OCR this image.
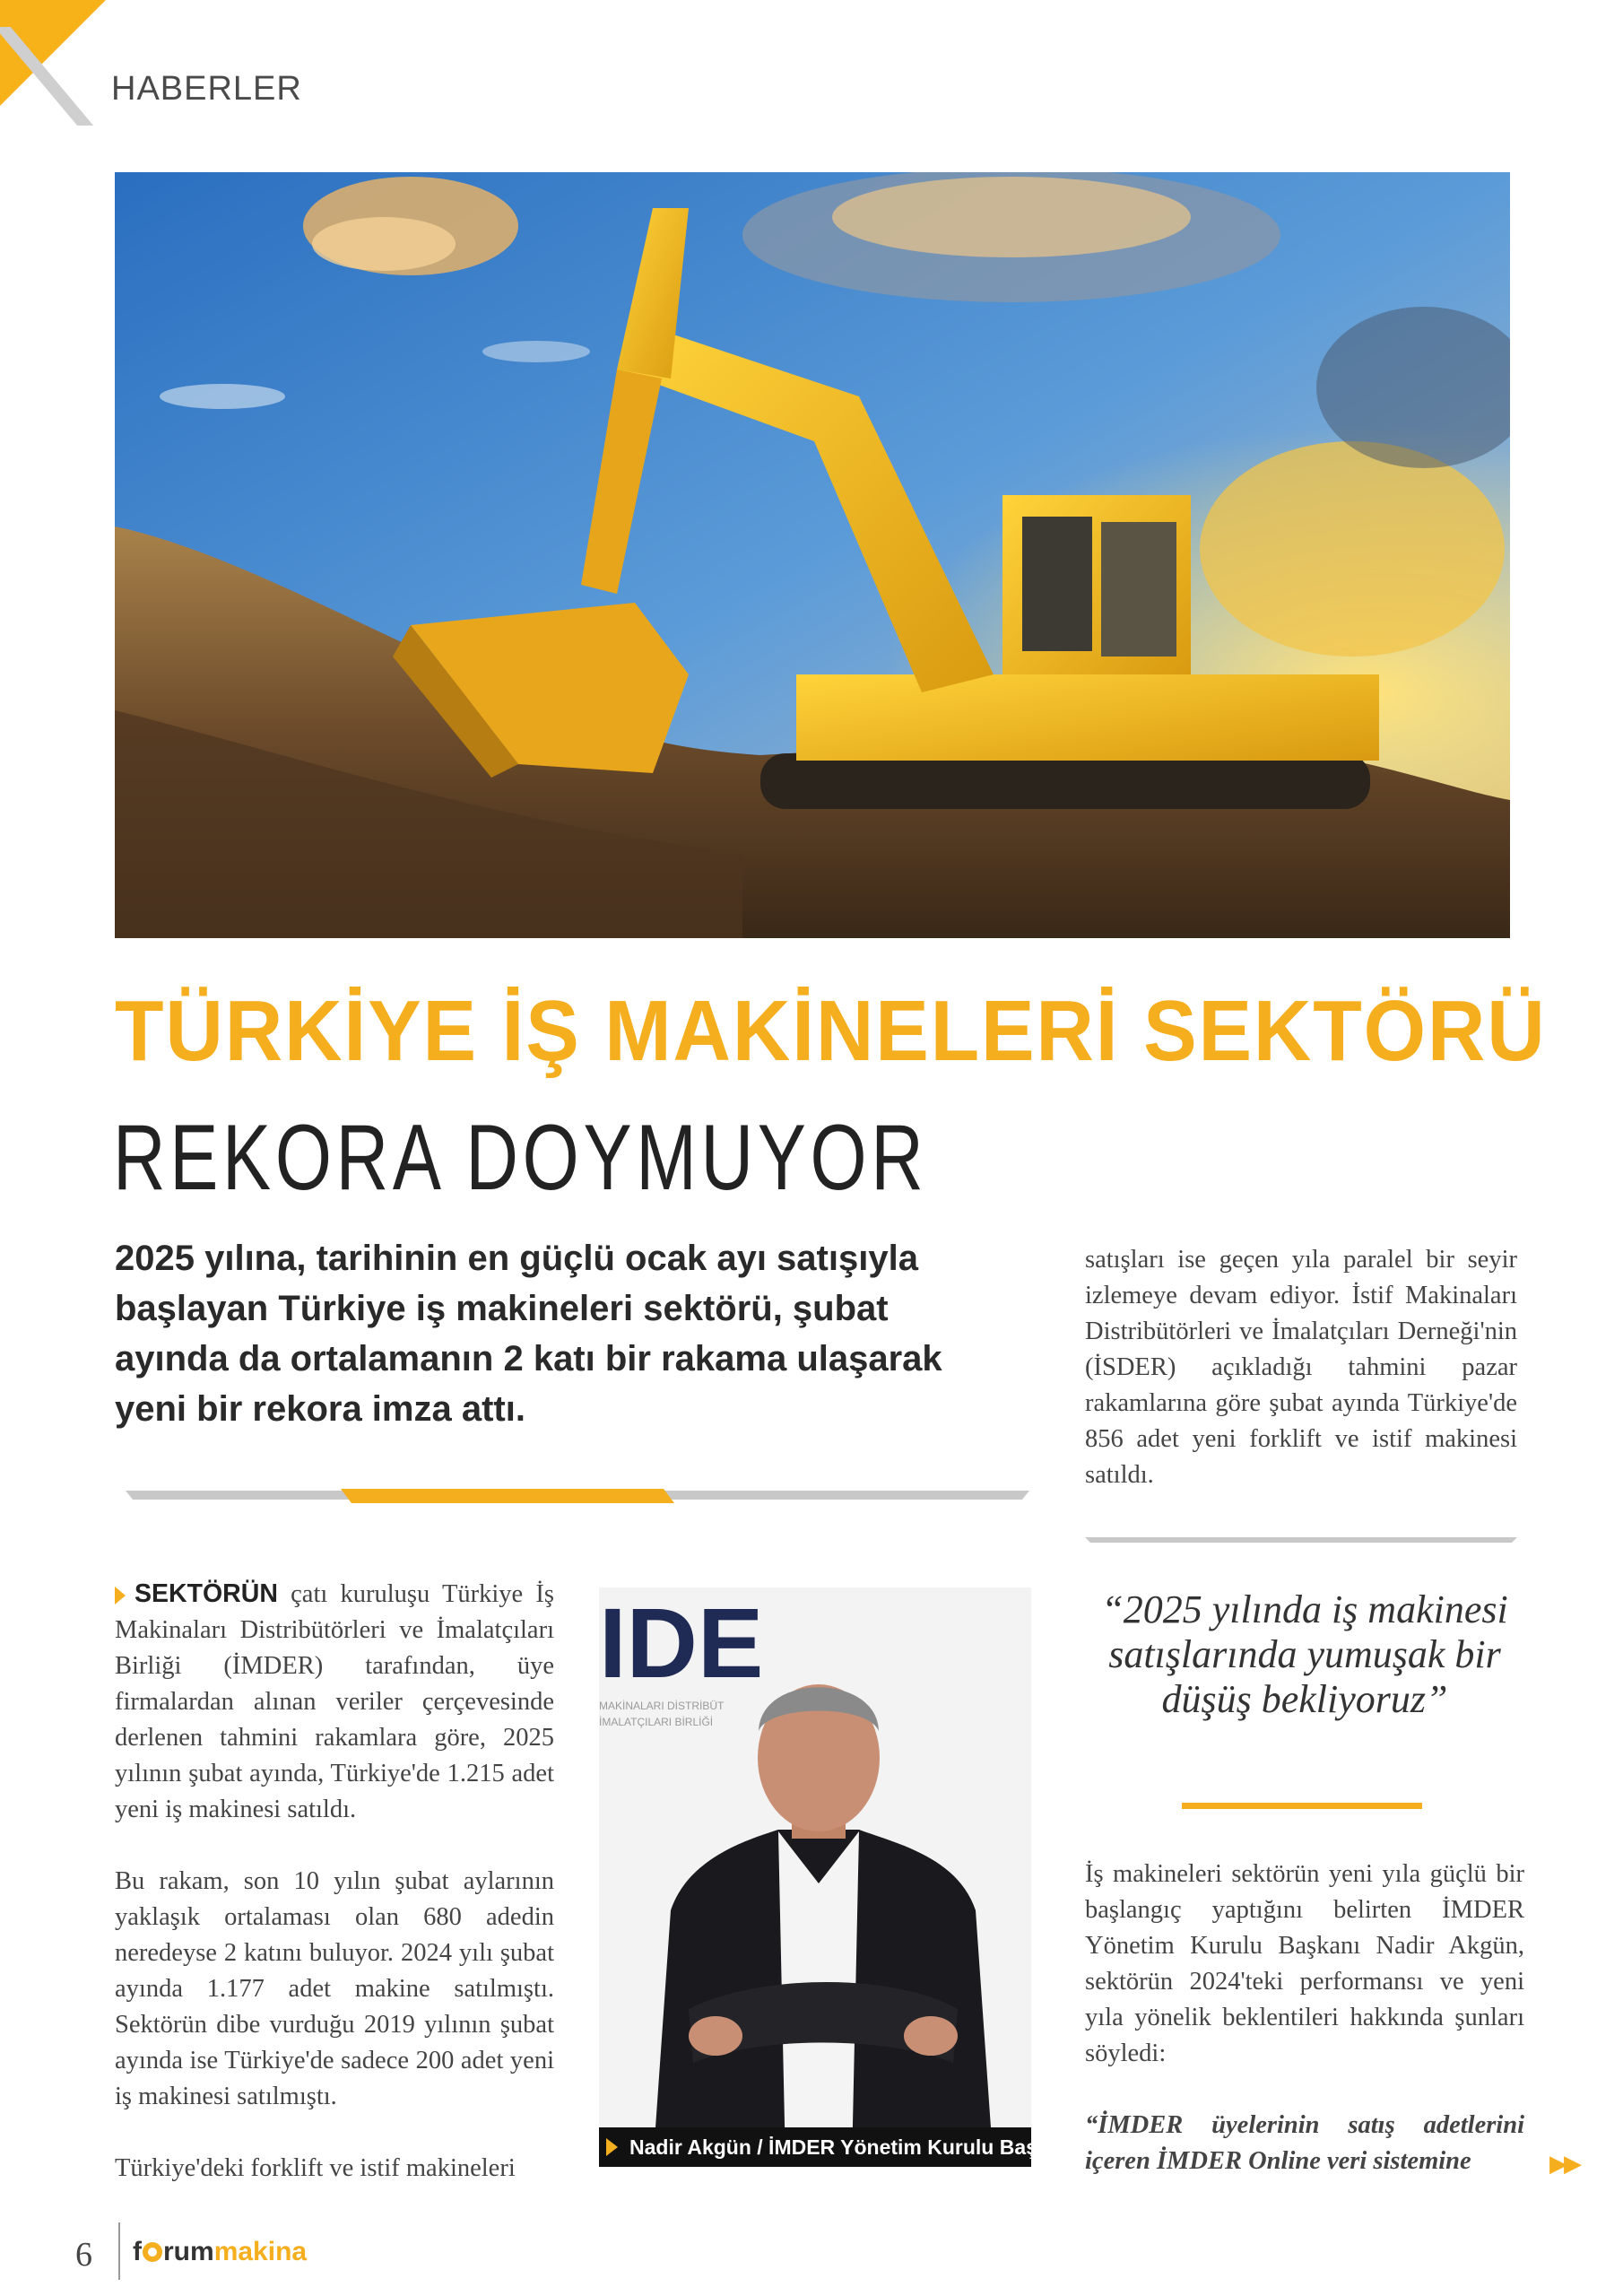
HABERLER
TÜRKİYE İŞ MAKİNELERİ SEKTÖRÜ
REKORA DOYMUYOR
2025 yılına, tarihinin en güçlü ocak ayı satışıyla başlayan Türkiye iş makineleri sektörü, şubat ayında da ortalamanın 2 katı bir rakama ulaşarak yeni bir rekora imza attı.

satışları ise geçen yıla paralel bir seyir izlemeye devam ediyor. İstif Makinaları Distribütörleri ve İmalatçıları Derneği'nin (İSDER) açıkladığı tahmini pazar rakamlarına göre şubat ayında Türkiye'de 856 adet yeni forklift ve istif makinesi satıldı.

SEKTÖRÜN çatı kuruluşu Türkiye İş Makinaları Distribütörleri ve İmalatçıları Birliği (İMDER) tarafından, üye firmalardan alınan veriler çerçevesinde derlenen tahmini rakamlara göre, 2025 yılının şubat ayında, Türkiye'de 1.215 adet yeni iş makinesi satıldı.

Bu rakam, son 10 yılın şubat aylarının yaklaşık ortalaması olan 680 adedin neredeyse 2 katını buluyor. 2024 yılı şubat ayında 1.177 adet makine satılmıştı. Sektörün dibe vurduğu 2019 yılının şubat ayında ise Türkiye'de sadece 200 adet yeni iş makinesi satılmıştı.

Türkiye'deki forklift ve istif makineleri

IDE
MAKİNALARI DİSTRİBÜT
İMALATÇILARI BİRLİĞİ
Nadir Akgün / İMDER Yönetim Kurulu Başkanı
“2025 yılında iş makinesi satışlarında yumuşak bir düşüş bekliyoruz”

İş makineleri sektörün yeni yıla güçlü bir başlangıç yaptığını belirten İMDER Yönetim Kurulu Başkanı Nadir Akgün, sektörün 2024'teki performansı ve yeni yıla yönelik beklentileri hakkında şunları söyledi:

“İMDER üyelerinin satış adetlerini içeren İMDER Online veri sistemine	▶▶
6 f rummakina
